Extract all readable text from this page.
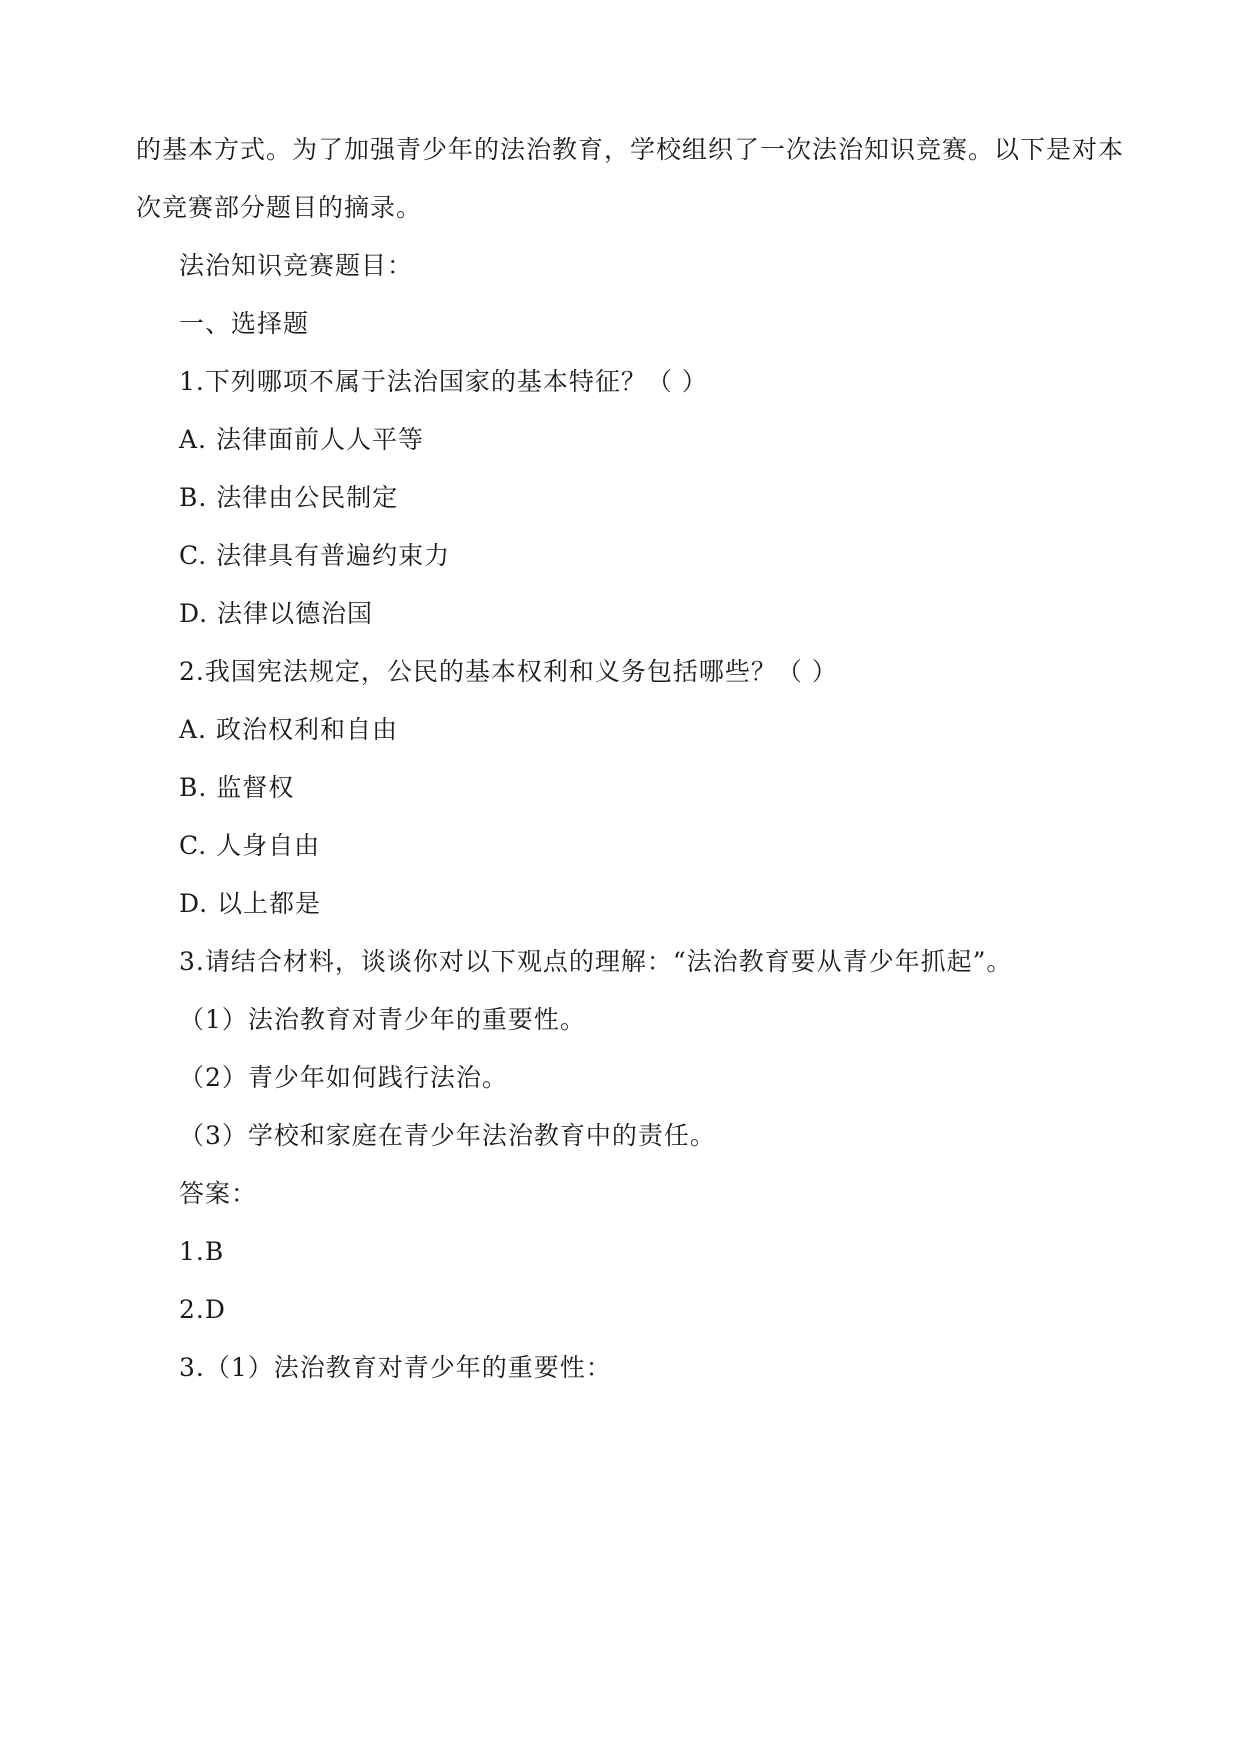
的基本方式。为了加强青少年的法治教育，学校组织了一次法治知识竞赛。以下是对本
次竞赛部分题目的摘录。
法治知识竞赛题目：
一、选择题
1.下列哪项不属于法治国家的基本特征？（ ）
A. 法律面前人人平等
B. 法律由公民制定
C. 法律具有普遍约束力
D. 法律以德治国
2.我国宪法规定，公民的基本权利和义务包括哪些？（ ）
A. 政治权利和自由
B. 监督权
C. 人身自由
D. 以上都是
3.请结合材料，谈谈你对以下观点的理解：“法治教育要从青少年抓起”。
（1）法治教育对青少年的重要性。
（2）青少年如何践行法治。
（3）学校和家庭在青少年法治教育中的责任。
答案：
1.B
2.D
3.（1）法治教育对青少年的重要性：
